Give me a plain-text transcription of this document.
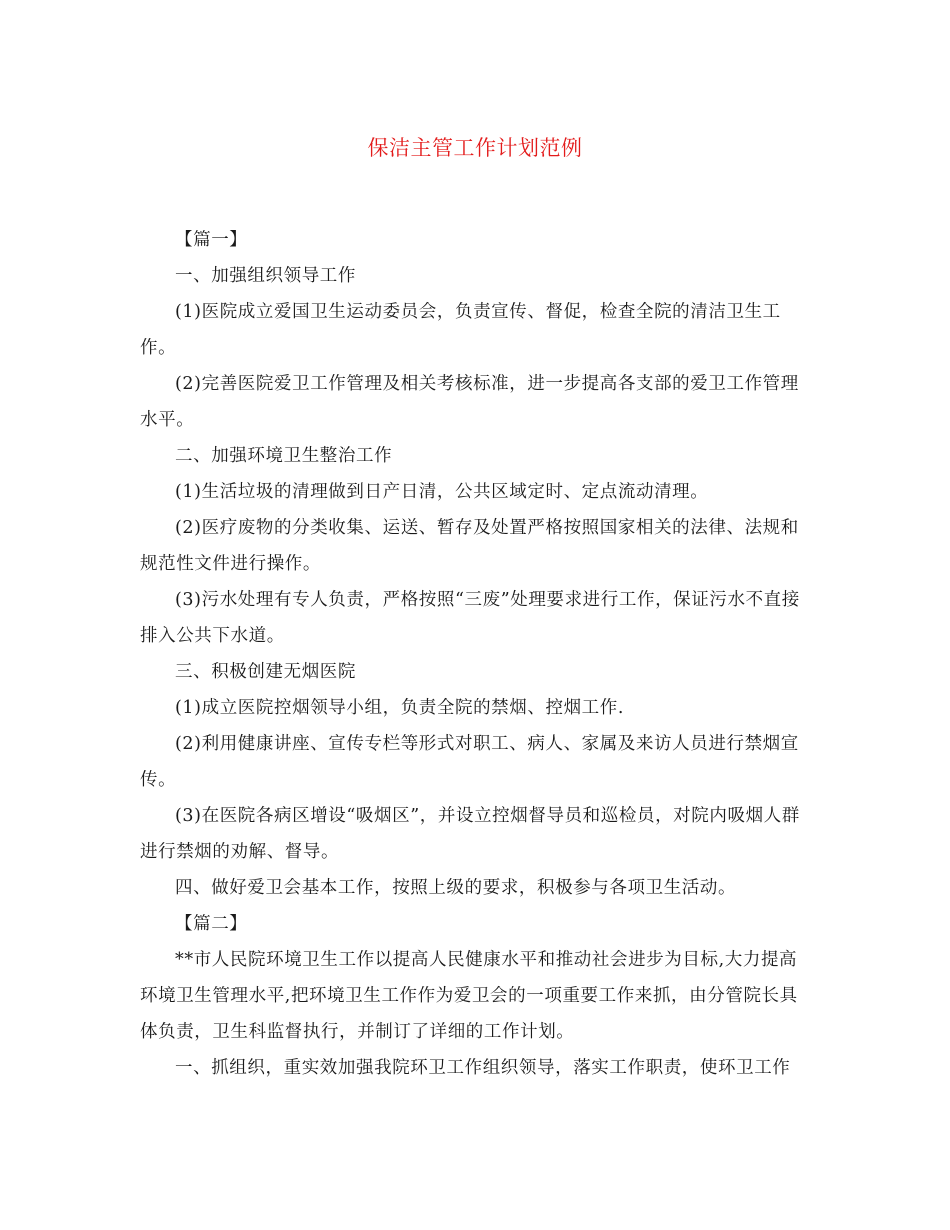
保洁主管工作计划范例

【篇一】

一、加强组织领导工作

(1)医院成立爱国卫生运动委员会，负责宣传、督促，检查全院的清洁卫生工作。

(2)完善医院爱卫工作管理及相关考核标准，进一步提高各支部的爱卫工作管理水平。

二、加强环境卫生整治工作

(1)生活垃圾的清理做到日产日清，公共区域定时、定点流动清理。

(2)医疗废物的分类收集、运送、暂存及处置严格按照国家相关的法律、法规和规范性文件进行操作。

(3)污水处理有专人负责，严格按照“三废”处理要求进行工作，保证污水不直接排入公共下水道。

三、积极创建无烟医院

(1)成立医院控烟领导小组，负责全院的禁烟、控烟工作.

(2)利用健康讲座、宣传专栏等形式对职工、病人、家属及来访人员进行禁烟宣传。

(3)在医院各病区增设“吸烟区”，并设立控烟督导员和巡检员，对院内吸烟人群进行禁烟的劝解、督导。

四、做好爱卫会基本工作，按照上级的要求，积极参与各项卫生活动。

【篇二】

**市人民院环境卫生工作以提高人民健康水平和推动社会进步为目标,大力提高环境卫生管理水平,把环境卫生工作作为爱卫会的一项重要工作来抓，由分管院长具体负责，卫生科监督执行，并制订了详细的工作计划。

一、抓组织，重实效加强我院环卫工作组织领导，落实工作职责，使环卫工作
